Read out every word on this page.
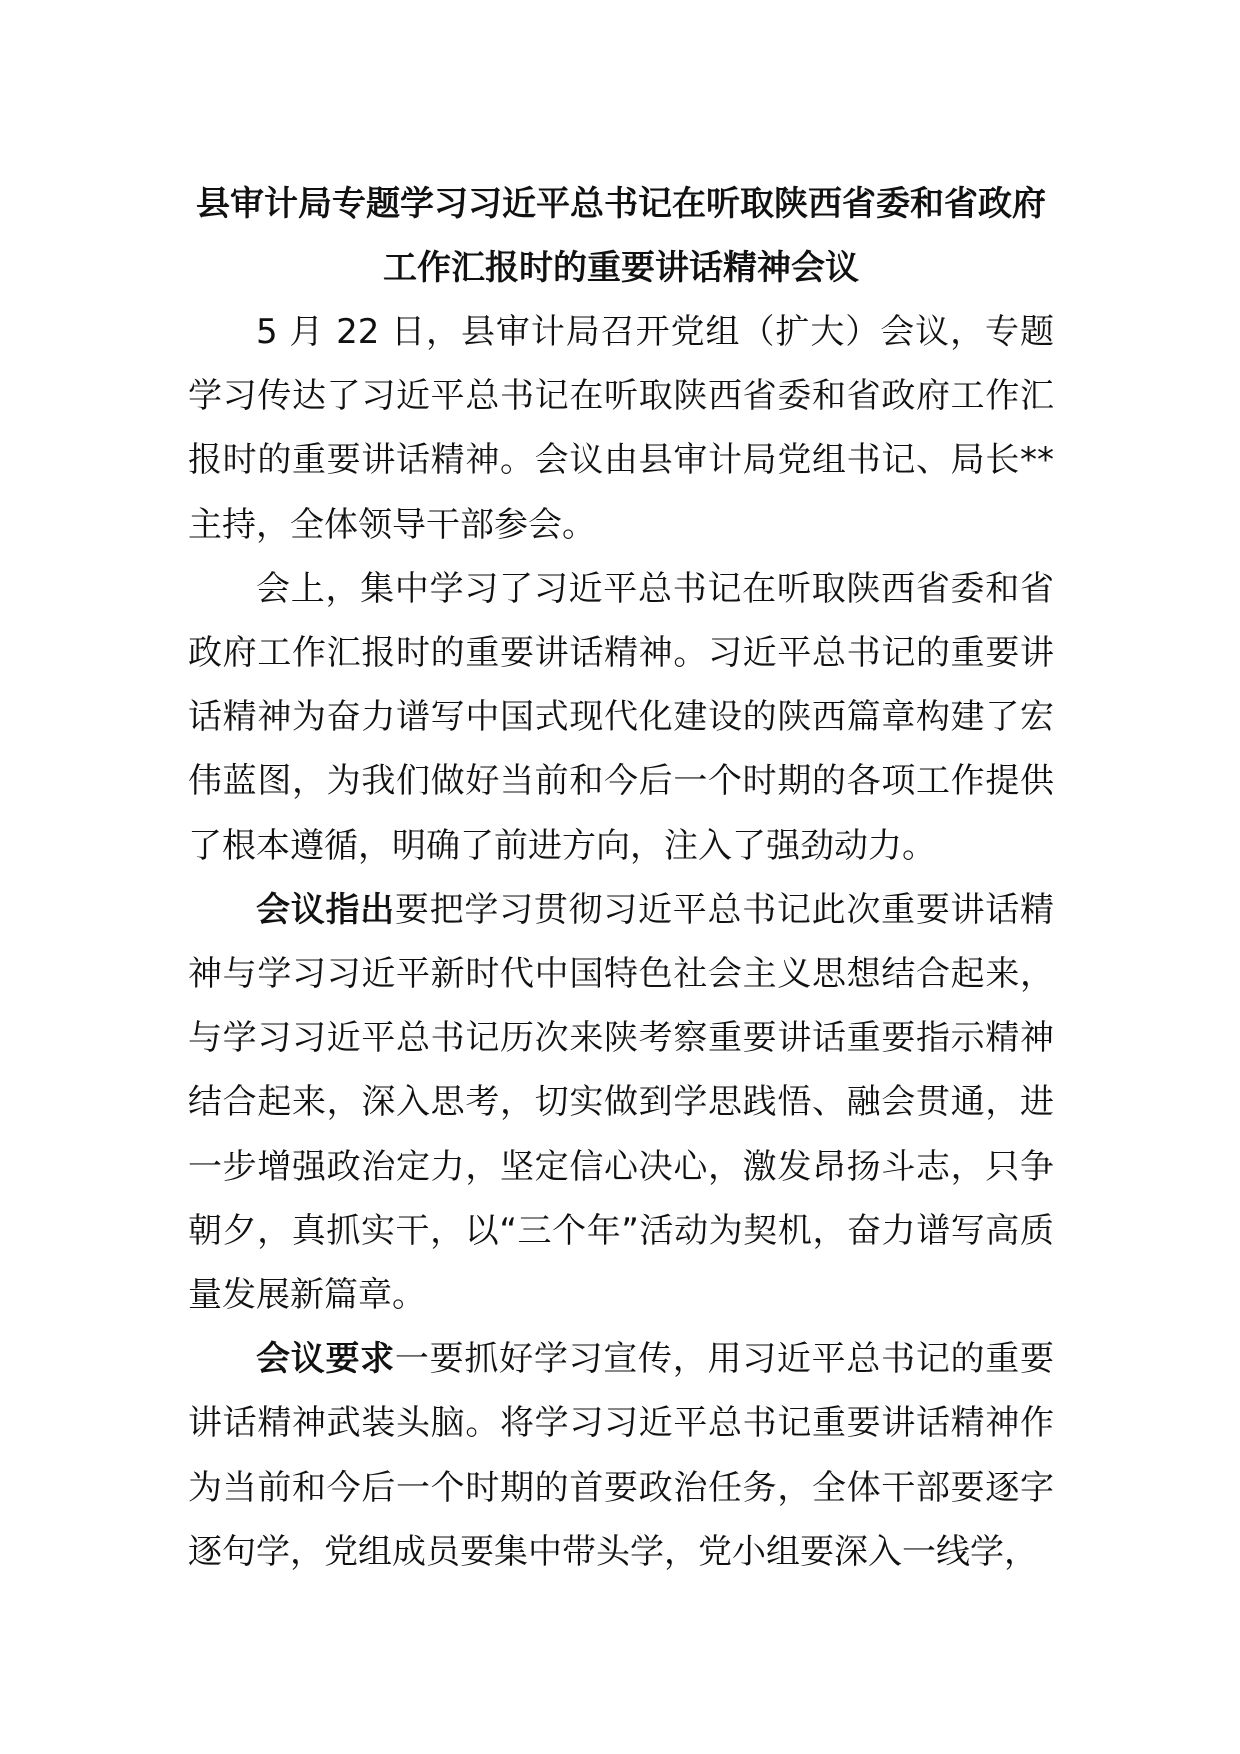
县审计局专题学习习近平总书记在听取陕西省委和省政府
工作汇报时的重要讲话精神会议

5 月 22 日，县审计局召开党组（扩大）会议，专题学习传达了习近平总书记在听取陕西省委和省政府工作汇报时的重要讲话精神。会议由县审计局党组书记、局长**主持，全体领导干部参会。

会上，集中学习了习近平总书记在听取陕西省委和省政府工作汇报时的重要讲话精神。习近平总书记的重要讲话精神为奋力谱写中国式现代化建设的陕西篇章构建了宏伟蓝图，为我们做好当前和今后一个时期的各项工作提供了根本遵循，明确了前进方向，注入了强劲动力。

会议指出要把学习贯彻习近平总书记此次重要讲话精神与学习习近平新时代中国特色社会主义思想结合起来，与学习习近平总书记历次来陕考察重要讲话重要指示精神结合起来，深入思考，切实做到学思践悟、融会贯通，进一步增强政治定力，坚定信心决心，激发昂扬斗志，只争朝夕，真抓实干，以“三个年”活动为契机，奋力谱写高质量发展新篇章。

会议要求一要抓好学习宣传，用习近平总书记的重要讲话精神武装头脑。将学习习近平总书记重要讲话精神作为当前和今后一个时期的首要政治任务，全体干部要逐字逐句学，党组成员要集中带头学，党小组要深入一线学，
